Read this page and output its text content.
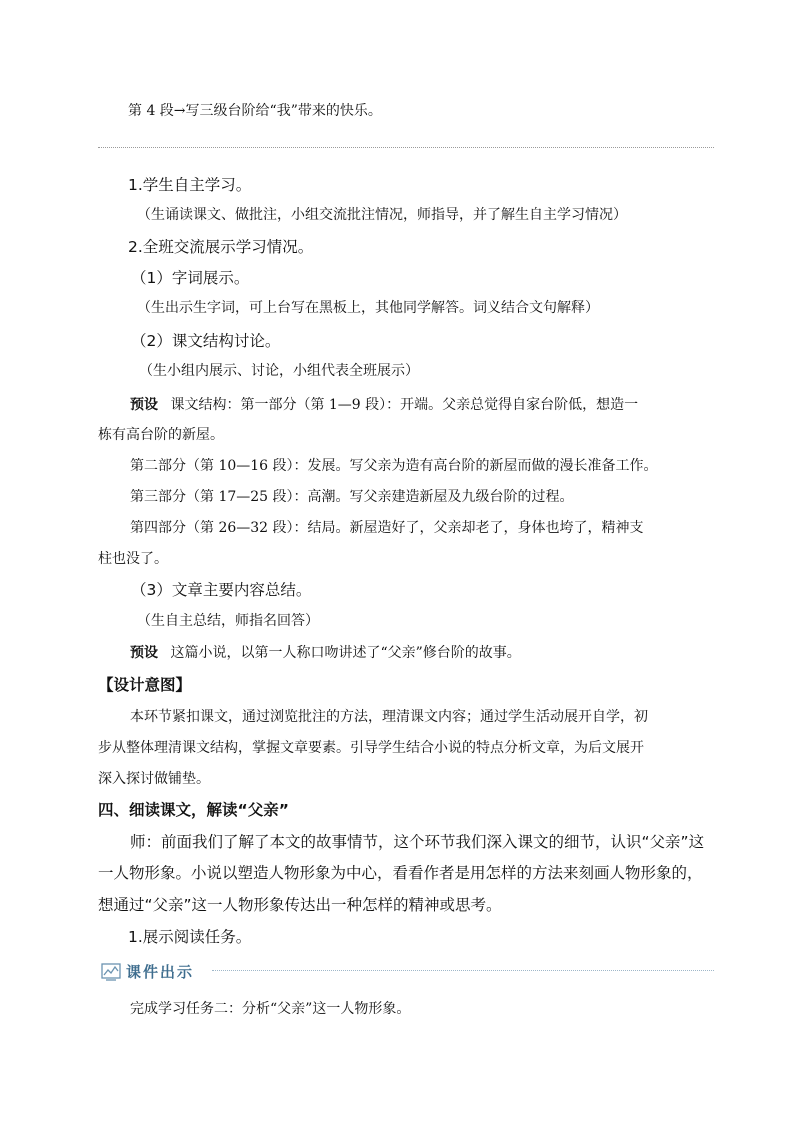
第 4 段→写三级台阶给“我”带来的快乐。
1.学生自主学习。
（生诵读课文、做批注，小组交流批注情况，师指导，并了解生自主学习情况）
2.全班交流展示学习情况。
（1）字词展示。
（生出示生字词，可上台写在黑板上，其他同学解答。词义结合文句解释）
（2）课文结构讨论。
（生小组内展示、讨论，小组代表全班展示）
预设 课文结构：第一部分（第 1—9 段）：开端。父亲总觉得自家台阶低，想造一
栋有高台阶的新屋。
第二部分（第 10—16 段）：发展。写父亲为造有高台阶的新屋而做的漫长准备工作。
第三部分（第 17—25 段）：高潮。写父亲建造新屋及九级台阶的过程。
第四部分（第 26—32 段）：结局。新屋造好了，父亲却老了，身体也垮了，精神支
柱也没了。
（3）文章主要内容总结。
（生自主总结，师指名回答）
预设 这篇小说，以第一人称口吻讲述了“父亲”修台阶的故事。
【设计意图】
本环节紧扣课文，通过浏览批注的方法，理清课文内容；通过学生活动展开自学，初
步从整体理清课文结构，掌握文章要素。引导学生结合小说的特点分析文章，为后文展开
深入探讨做铺垫。
四、细读课文，解读“父亲”
师：前面我们了解了本文的故事情节，这个环节我们深入课文的细节，认识“父亲”这
一人物形象。小说以塑造人物形象为中心，看看作者是用怎样的方法来刻画人物形象的，
想通过“父亲”这一人物形象传达出一种怎样的精神或思考。
1.展示阅读任务。
课件出示
完成学习任务二：分析“父亲”这一人物形象。
